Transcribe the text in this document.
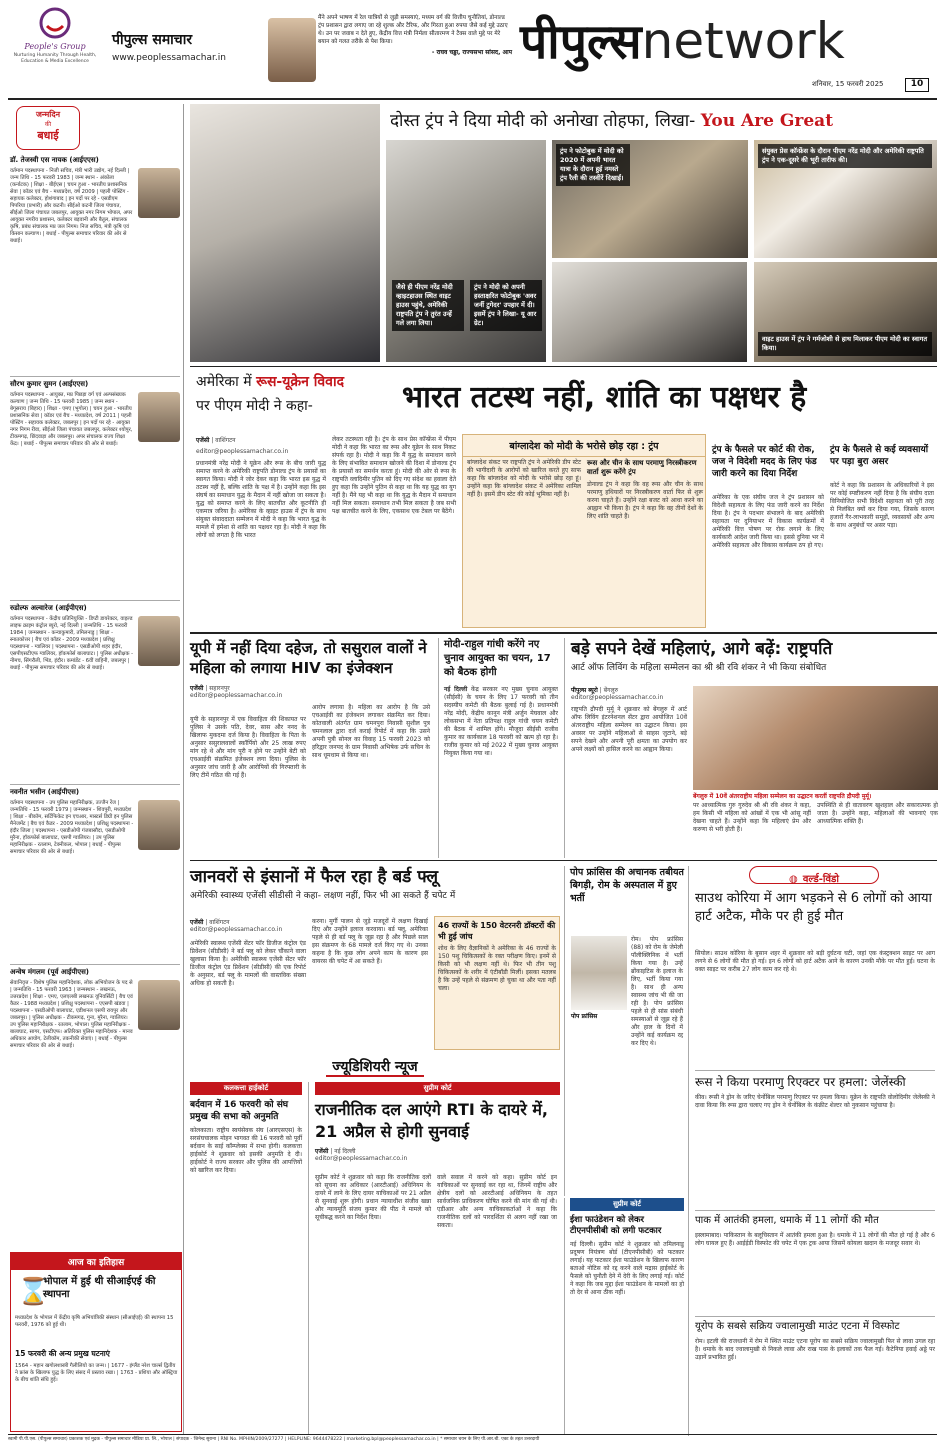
People's Group
Nurturing Humanity Through Health, Education & Media Excellence
पीपुल्स समाचार
www.peoplessamachar.in
मैंने अपने भाषण में रेल यात्रियों से जुड़ी समस्याएं, मध्यम वर्ग की वित्तीय चुनौतियां, डोनाल्ड ट्रंप प्रशासन द्वारा लगाए जा रहे शुल्क और टैरिफ, और गिरता हुआ रुपया जैसे कई मुद्दे उठाए थे। उन पर जवाब न देते हुए, केंद्रीय वित्त मंत्री निर्मला सीतारमण ने टैक्स वाले मुद्दे पर मेरे बयान को गलत तरीके से पेश किया।
- राघव चड्ढा, राज्यसभा सांसद, आप पीपुल्सnetwork
शनिवार, 15 फरवरी 2025	10
जन्मदिन
की
बधाई
डॉ. तेजस्वी एस नायक (आईएएस)
वर्तमान पदस्थापना - निजी सचिव, मंत्री भारी उद्योग, नई दिल्ली | जन्म तिथि - 15 फरवरी 1983 | जन्म स्थान - अंकोला (कर्नाटक) | शिक्षा - बीईएस | चयन हुआ - भारतीय प्रशासनिक सेवा | कॉडर एवं बैच - मध्यप्रदेश, वर्ष 2009 | पहली पोस्टिंग - सहायक कलेक्टर, होशंगाबाद | इन पदों पर रहे - एसडीएम पिपरिया (प्रभारी) और कटनी। सीईओ कटनी जिला पंचायत, सीईओ जिला पंचायत जबलपुर, आयुक्त नगर निगम भोपाल, अपर आयुक्त नगरीय प्रशासन, कलेक्टर बड़वानी और बैतूल, संचालक कृषि, प्रबंध संचालक मप्र जल निगम। निज सचिव, मंत्री कृषि एवं किसान कल्याण। | बधाई - पीपुल्स समाचार परिवार की ओर से बधाई।
सौरभ कुमार सुमन (आईएएस)
वर्तमान पदस्थापना - आयुक्त, मप्र पिछड़ा वर्ग एवं अल्पसंख्यक कल्याण | जन्म तिथि - 15 फरवरी 1985 | जन्म स्थान - बेगूसराय (बिहार) | शिक्षा - एमए (भूगोल) | चयन हुआ - भारतीय प्रशासनिक सेवा | कॉडर एवं बैच - मध्यप्रदेश, वर्ष 2011 | पहली पोस्टिंग - सहायक कलेक्टर, जबलपुर | इन पदों पर रहे - आयुक्त नगर निगम रीवा, सीईओ जिला पंचायत जबलपुर, कलेक्टर श्योपुर, टीकमगढ़, छिंदवाड़ा और जबलपुर। अपर संचालक राज्य शिक्षा केंद्र। | बधाई - पीपुल्स समाचार परिवार की ओर से बधाई।
रुडोल्फ अल्वारेज (आईपीएस)
वर्तमान पदस्थापना - केंद्रीय प्रतिनियुक्ति - डिप्टी डायरेक्टर, वाइल्ड लाइफ क्राइम कंट्रोल ब्यूरो, नई दिल्ली | जन्मतिथि - 15 फरवरी 1984 | जन्मस्थान - कन्याकुमारी, तमिलनाडु | शिक्षा - स्नातकोत्तर | बैच एवं कॉडर - 2009 मध्यप्रदेश | प्रशिक्षु पदस्थापना - ग्वालियर | पदस्थापना - एसडीओपी शहर इंदौर, एसपीएसटीएफ ग्वालियर, हॉकफोर्स बालाघाट। | पुलिस अधीक्षक - नीमच, सिंगरौली, भिंड, इंदौर। कमांडेंट - 6वीं वाहिनी, जबलपुर | बधाई - पीपुल्स समाचार परिवार की ओर से बधाई।
नवनीत भसीन (आईपीएस)
वर्तमान पदस्थापना - उप पुलिस महानिरीक्षक, उज्जैन रेंज | जन्मतिथि - 15 फरवरी 1979 | जन्मस्थान - शिवपुरी, मध्यप्रदेश | शिक्षा - बीकॉम, सर्टिफिकेट इन एचआर, मास्टर्स डिग्री इन पुलिस मैनेजमेंट | बैच एवं कैडर - 2009 मध्यप्रदेश | प्रशिक्षु पदस्थापना - इंदौर जिला | पदस्थापना - एसडीओपी गंजबासौदा, एसडीओपी मुरैना, हॉकफोर्स बालाघाट, एसपी ग्वालियर। | उप पुलिस महानिरीक्षक - रतलाम, टेक्नीकल, भोपाल | बधाई - पीपुल्स समाचार परिवार की ओर से बधाई।
अन्वेष मंगलम (पूर्व आईपीएस)
सेवानिवृत्त - विशेष पुलिस महानिदेशक, लोक अभियोजन के पद से | जन्मतिथि - 15 फरवरी 1963 | जन्मस्थान - लखनऊ, उत्तरप्रदेश | शिक्षा - एमए, एलएलबी लखनऊ यूनिवर्सिटी | बैच एवं कैडर - 1988 मध्यप्रदेश | प्रशिक्षु पदस्थापना - एएसपी खंडवा | पदस्थापना - एसडीओपी बालाघाट, एडीशनल एसपी रायपुर और जबलपुर। | पुलिस अधीक्षक - टीकमगढ़, गुना, मुरैना, ग्वालियर। उप पुलिस महानिरीक्षक - रतलाम, भोपाल। पुलिस महानिरीक्षक - बालाघाट, सागर, एसटीएफ। अतिरिक्त पुलिस महानिदेशक - मानव अधिकार आयोग, टेलीकॉम, तकनीकी सेवाएं। | बधाई - पीपुल्स समाचार परिवार की ओर से बधाई।
आज का इतिहास
⌛
भोपाल में हुई थी सीआईएई की स्थापना
मध्यप्रदेश के भोपाल में केंद्रीय कृषि अभियांत्रिकी संस्थान (सीआईएई) की स्थापना 15 फरवरी, 1976 को हुई थी।
15 फरवरी की अन्य प्रमुख घटनाएं
1564 - महान खगोलशास्त्री गैलीलियो का जन्म। | 1677 - इंग्लैंड नरेश चार्ल्स द्वितीय ने फ्रांस के खिलाफ युद्ध के लिए संसद में प्रस्ताव रखा। | 1763 - प्रशिया और ऑस्ट्रिया के बीच शांति संधि हुई।
दोस्त ट्रंप ने दिया मोदी को अनोखा तोहफा, लिखा- You Are Great
जैसे ही पीएम नरेंद्र मोदी व्हाइटहाउस स्थित वाइट हाउस पहुंचे, अमेरिकी राष्ट्रपति ट्रंप ने तुरंत उन्हें गले लगा लिया।
ट्रंप ने मोदी को अपनी हस्ताक्षरित फोटोबुक 'अवर जर्नी टुगेदर' उपहार में दी। इसमें ट्रंप ने लिखा- यू आर ग्रेट।
ट्रंप ने फोटोबुक में मोदी को 2020 में अपनी भारत यात्रा के दौरान हुई नमस्ते ट्रंप रैली की तस्वीरें दिखाईं।
संयुक्त प्रेस कॉन्फ्रेंस के दौरान पीएम नरेंद्र मोदी और अमेरिकी राष्ट्रपति ट्रंप ने एक-दूसरे की भूरी तारीफ की।
वाइट हाउस में ट्रंप ने गर्मजोशी से हाथ मिलाकर पीएम मोदी का स्वागत किया।
अमेरिका में रूस-यूक्रेन विवाद
पर पीएम मोदी ने कहा-	भारत तटस्थ नहीं, शांति का पक्षधर है
एजेंसी | वाशिंगटन
editor@peoplessamachar.co.in
प्रधानमंत्री नरेंद्र मोदी ने यूक्रेन और रूस के बीच जारी युद्ध समाप्त करने के अमेरिकी राष्ट्रपति डोनाल्ड ट्रंप के प्रयासों का स्वागत किया। मोदी ने जोर देकर कहा कि भारत इस युद्ध में तटस्थ नहीं है, बल्कि शांति के पक्ष में है। उन्होंने कहा कि इस संघर्ष का समाधान युद्ध के मैदान में नहीं खोजा जा सकता है। युद्ध को समाप्त करने के लिए बातचीत और कूटनीति ही एकमात्र जरिया है। अमेरिका के व्हाइट हाउस में ट्रंप के साथ संयुक्त संवाददाता सम्मेलन में मोदी ने कहा कि भारत युद्ध के मामले में हमेशा से शांति का पक्षधर रहा है। मोदी ने कहा कि लोगों को लगता है कि भारत
लेकर तटस्थता रही है। ट्रंप के साथ प्रेस कॉन्फ्रेंस में पीएम मोदी ने कहा कि भारत का रूस और यूक्रेन के साथ निकट संपर्क रहा है। मोदी ने कहा कि मैं युद्ध के समाधान करने के लिए संभावित समाधान खोजने की दिशा में डोनाल्ड ट्रंप के प्रयासों का समर्थन करता हूं। मोदी की ओर से रूस के राष्ट्रपति व्लादिमीर पुतिन को दिए गए संदेश का हवाला देते हुए कहा कि उन्होंने पुतिन से कहा था कि यह युद्ध का युग नहीं है। मैंने यह भी कहा था कि युद्ध के मैदान में समाधान नहीं मिल सकता। समाधान तभी मिल सकता है जब सभी पक्ष बातचीत करने के लिए, एकसाथ एक टेबल पर बैठेंगे।
बांग्लादेश को मोदी के भरोसे छोड़ रहा : ट्रंप
बांग्लादेश संकट पर राष्ट्रपति ट्रंप ने अमेरिकी डीप स्टेट की भागीदारी के आरोपों को खारिज करते हुए साफ कहा कि बांग्लादेश को मोदी के भरोसे छोड़ रहा हूं। उन्होंने कहा कि बांग्लादेश संकट में अमेरिका शामिल नहीं है। इसमें डीप स्टेट की कोई भूमिका नहीं है।
रूस और चीन के साथ परमाणु निरस्त्रीकरण वार्ता शुरू करेंगे ट्रंप
डोनाल्ड ट्रंप ने कहा कि वह रूस और चीन के साथ परमाणु हथियारों पर निरस्त्रीकरण वार्ता फिर से शुरू करना चाहते हैं। उन्होंने रक्षा बजट को आधा करने का आह्वान भी किया है। ट्रंप ने कहा कि वह तीनों देशों के लिए शांति चाहते हैं।
ट्रंप के फैसले पर कोर्ट की रोक, जज ने विदेशी मदद के लिए फंड जारी करने का दिया निर्देश
अमेरिका के एक संघीय जज ने ट्रंप प्रशासन को विदेशी सहायता के लिए फंड जारी करने का निर्देश दिया है। ट्रंप ने पदभार संभालने के बाद अमेरिकी सहायता पर दुनियाभर में विकास कार्यक्रमों में अमेरिकी वित्त पोषण पर रोक लगाने के लिए कार्यकारी आदेश जारी किया था। इससे दुनिया भर में अमेरिकी सहायता और विकास कार्यक्रम ठप हो गए।
ट्रंप के फैसले से कई व्यवसायों पर पड़ा बुरा असर
कोर्ट ने कहा कि प्रशासन के अधिकारियों ने इस पर कोई स्पष्टीकरण नहीं दिया है कि संघीय दाता विनियोजित सभी विदेशी सहायता को पूरी तरह से निलंबित क्यों कर दिया गया, जिसके कारण हजारों गैर-लाभकारी समूहों, व्यवसायों और अन्य के साथ अनुबंधों पर असर पड़ा।
यूपी में नहीं दिया दहेज, तो ससुराल वालों ने महिला को लगाया HIV का इंजेक्शन
एजेंसी | सहारनपुर
editor@peoplessamachar.co.in
यूपी के सहारनपुर में एक विवाहिता की शिकायत पर पुलिस ने उसके पति, देवर, सास और ननद के खिलाफ मुकदमा दर्ज किया है। विवाहिता के पिता के अनुसार ससुरालवालों स्कॉर्पियो और 25 लाख रुपए मांग रहे थे और मांग पूरी न होने पर उन्होंने बेटी को एचआईवी संक्रमित इंजेक्शन लगा दिया। पुलिस के अनुसार जांच जारी है और आरोपियों की गिरफ्तारी के लिए टीमें गठित की गई हैं।
आरोप लगाया है। महिला का आरोप है कि उसे एचआईवी का इंजेक्शन लगाकर संक्रमित कर दिया। कोतवाली अंतर्गत ग्राम चमनपुरा निवासी सुशील पुत्र चमनलाल द्वारा दर्ज कराई रिपोर्ट में कहा कि उसने अपनी पुत्री सोनल का विवाह 15 फरवरी 2023 को हरिद्वार जनपद के ग्राम निवासी अभिषेक उर्फ सचिन के साथ धूमधाम से किया था।
मोदी-राहुल गांधी करेंगे नए चुनाव आयुक्त का चयन, 17 को बैठक होगी
नई दिल्ली केंद्र सरकार नए मुख्य चुनाव आयुक्त (सीईसी) के चयन के लिए 17 फरवरी को तीन सदस्यीय कमेटी की बैठक बुलाई गई है। प्रधानमंत्री नरेंद्र मोदी, केंद्रीय कानून मंत्री अर्जुन मेघवाल और लोकसभा में नेता प्रतिपक्ष राहुल गांधी चयन कमेटी की बैठक में शामिल होंगे। मौजूदा सीईसी राजीव कुमार का कार्यकाल 18 फरवरी को खत्म हो रहा है। राजीव कुमार को मई 2022 में मुख्य चुनाव आयुक्त नियुक्त किया गया था।
बड़े सपने देखें महिलाएं, आगे बढ़ें: राष्ट्रपति
आर्ट ऑफ लिविंग के महिला सम्मेलन का श्री श्री रवि शंकर ने भी किया संबोधित
पीपुल्स ब्यूरो | बेंगलुरु
editor@peoplessamachar.co.in
राष्ट्रपति द्रौपदी मुर्मू ने शुक्रवार को बेंगलुरु में आर्ट ऑफ लिविंग इंटरनेशनल सेंटर द्वारा आयोजित 10वें अंतरराष्ट्रीय महिला सम्मेलन का उद्घाटन किया। इस अवसर पर उन्होंने महिलाओं से साहस जुटाने, बड़े सपने देखने और अपनी पूरी क्षमता का उपयोग कर अपने लक्ष्यों को हासिल करने का आह्वान किया।
बेंगलुरु में 10वें अंतरराष्ट्रीय महिला सम्मेलन का उद्घाटन करतीं राष्ट्रपति द्रौपदी मुर्मू।
पर आध्यात्मिक गुरु गुरुदेव श्री श्री रवि शंकर ने कहा, हम किसी भी महिला को आंखों में एक भी आंसू नहीं देखना चाहते हैं। उन्होंने कहा कि महिलाएं प्रेम और करुणा से भरी होती हैं।
उपस्थिति से ही वातावरण खुशहाल और सकारात्मक हो जाता है। उन्होंने कहा, महिलाओं की भावनाएं एक आध्यात्मिक शक्ति हैं।
जानवरों से इंसानों में फैल रहा है बर्ड फ्लू
अमेरिकी स्वास्थ्य एजेंसी सीडीसी ने कहा- लक्षण नहीं, फिर भी आ सकते हैं चपेट में
एजेंसी | वाशिंगटन
editor@peoplessamachar.co.in
अमेरिकी स्वास्थ्य एजेंसी सेंटर फॉर डिजीज कंट्रोल एंड प्रिवेंशन (सीडीसी) ने बर्ड फ्लू को लेकर चौंकाने वाला खुलासा किया है। अमेरिकी स्वास्थ्य एजेंसी सेंटर फॉर डिजीज कंट्रोल एंड प्रिवेंशन (सीडीसी) की एक रिपोर्ट के अनुसार, बर्ड फ्लू के मामलों की वास्तविक संख्या अधिक हो सकती है।
करना। मुर्गी पालन से जुड़े मजदूरों में लक्षण दिखाई दिए और उन्होंने इलाज करवाया। बर्ड फ्लू, अमेरिका पहले से ही बर्ड फ्लू के जूझ रहा है और पिछले साल इस संक्रमण के 68 मामले दर्ज किए गए थे। उनका कहना है कि कुछ लोग अपने काम के कारण इस वायरस की चपेट में आ सकते हैं।
46 राज्यों के 150 वेटरनरी डॉक्टरों की भी हुई जांच
शोध के लिए वैज्ञानिकों ने अमेरिका के 46 राज्यों के 150 पशु चिकित्सकों के रक्त परीक्षण किए। इनमें से किसी को भी लक्षण नहीं थे। फिर भी तीन पशु चिकित्सकों के शरीर में एंटीबॉडी मिलीं। इसका मतलब है कि उन्हें पहले से संक्रमण हो चुका था और पता नहीं चला।
पोप फ्रांसिस की अचानक तबीयत बिगड़ी, रोम के अस्पताल में हुए भर्ती
पोप फ्रांसिस
रोम। पोप फ्रांसिस (88) को रोम के जेमेली पॉलीक्लिनिक में भर्ती किया गया है। उन्हें ब्रोंकाइटिस के इलाज के लिए, भर्ती किया गया है। साथ ही अन्य स्वास्थ्य जांच भी की जा रही है। पोप फ्रांसिस पहले से ही सांस संबंधी समस्याओं से जूझ रहे हैं और हाल के दिनों में उन्होंने कई कार्यक्रम रद्द कर दिए थे।
◍ वर्ल्ड-विंडो
साउथ कोरिया में आग भड़कने से 6 लोगों को आया हार्ट अटैक, मौके पर ही हुई मौत
सियोल। साउथ कोरिया के बुसान शहर में शुक्रवार को बड़ी दुर्घटना घटी, जहां एक कंस्ट्रक्शन साइट पर आग लगने से 6 लोगों की मौत हो गई। इन 6 लोगों को हार्ट अटैक आने के कारण उनकी मौके पर मौत हुई। घटना के वक्त साइट पर करीब 27 लोग काम कर रहे थे।
रूस ने किया परमाणु रिएक्टर पर हमला: जेलेंस्की
कीव। रूसी ने ड्रोन के जरिए चेर्नोबिल परमाणु रिएक्टर पर हमला किया। यूक्रेन के राष्ट्रपति वोलोदिमीर जेलेंस्की ने दावा किया कि रूस द्वारा चलाए गए ड्रोन ने चेर्नोबिल के कंक्रीट शेल्टर को नुकसान पहुंचाया है।
पाक में आतंकी हमला, धमाके में 11 लोगों की मौत
इस्लामाबाद। पाकिस्तान के बलूचिस्तान में आतंकी हमला हुआ है। धमाके में 11 लोगों की मौत हो गई है और 6 लोग घायल हुए हैं। आईईडी विस्फोट की चपेट में एक ट्रक आया जिसमें कोयला खदान के मजदूर सवार थे।
यूरोप के सबसे सक्रिय ज्वालामुखी माउंट एटना में विस्फोट
रोम। इटली की राजधानी में रोम में स्थित माउंट एटना यूरोप का सबसे सक्रिय ज्वालामुखी फिर से लावा उगल रहा है। धमाके के बाद ज्वालामुखी से निकले लावा और राख पास के इलाकों तक फैल गई। कैटेनिया हवाई अड्डे पर उड़ानें प्रभावित हुईं।
ज्यूडिशियरी न्यूज
कलकत्ता हाईकोर्ट
बर्दवान में 16 फरवरी को संघ प्रमुख की सभा को अनुमति
कोलकाता। राष्ट्रीय स्वयंसेवक संघ (आरएसएस) के सरसंघचालक मोहन भागवत की 16 फरवरी को पूर्वी बर्दवान के साई कॉम्प्लेक्स में सभा होगी। कलकत्ता हाईकोर्ट ने शुक्रवार को इसकी अनुमति दे दी। हाईकोर्ट ने राज्य सरकार और पुलिस की आपत्तियों को खारिज कर दिया।
सुप्रीम कोर्ट
राजनीतिक दल आएंगे RTI के दायरे में, 21 अप्रैल से होगी सुनवाई
एजेंसी | नई दिल्ली
editor@peoplessamachar.co.in
सुप्रीम कोर्ट ने शुक्रवार को कहा कि राजनीतिक दलों को सूचना का अधिकार (आरटीआई) अधिनियम के दायरे में लाने के लिए दायर याचिकाओं पर 21 अप्रैल से सुनवाई शुरू होगी। प्रधान न्यायाधीश संजीव खन्ना और न्यायमूर्ति संजय कुमार की पीठ ने मामले को सूचीबद्ध करने का निर्देश दिया।
वाले सवाल में करने को कहा। सुप्रीम कोर्ट इन याचिकाओं पर सुनवाई कर रहा था, जिनमें राष्ट्रीय और क्षेत्रीय दलों को आरटीआई अधिनियम के तहत सार्वजनिक प्राधिकरण घोषित करने की मांग की गई थी। एडीआर और अन्य याचिकाकर्ताओं ने कहा कि राजनीतिक दलों को पारदर्शिता से अलग नहीं रखा जा सकता।
सुप्रीम कोर्ट
ईशा फाउंडेशन को लेकर टीएनपीसीबी को लगी फटकार
नई दिल्ली। सुप्रीम कोर्ट ने शुक्रवार को तमिलनाडु प्रदूषण नियंत्रण बोर्ड (टीएनपीसीबी) को फटकार लगाई। यह फटकार ईशा फाउंडेशन के खिलाफ कारण बताओ नोटिस को रद्द करने वाले मद्रास हाईकोर्ट के फैसले को चुनौती देने में देरी के लिए लगाई गई। कोर्ट ने कहा कि जब मुद्दा ईशा फाउंडेशन के मामलों का हो तो देर से आना ठीक नहीं।
स्वामी पी.पी.एस. (पीपुल्स समाचार) प्रकाशक एवं मुद्रक - पीपुल्स समाचार मीडिया प्रा. लि., भोपाल | संपादक - जिनेन्द्र सुराना | RNI No. MPHIN/2009/27277 | HELPLINE: 9644478222 | marketing.bpl@peoplessamachar.co.in | * समाचार चयन के लिए पी.आर.बी. एक्ट के तहत उत्तरदायी
